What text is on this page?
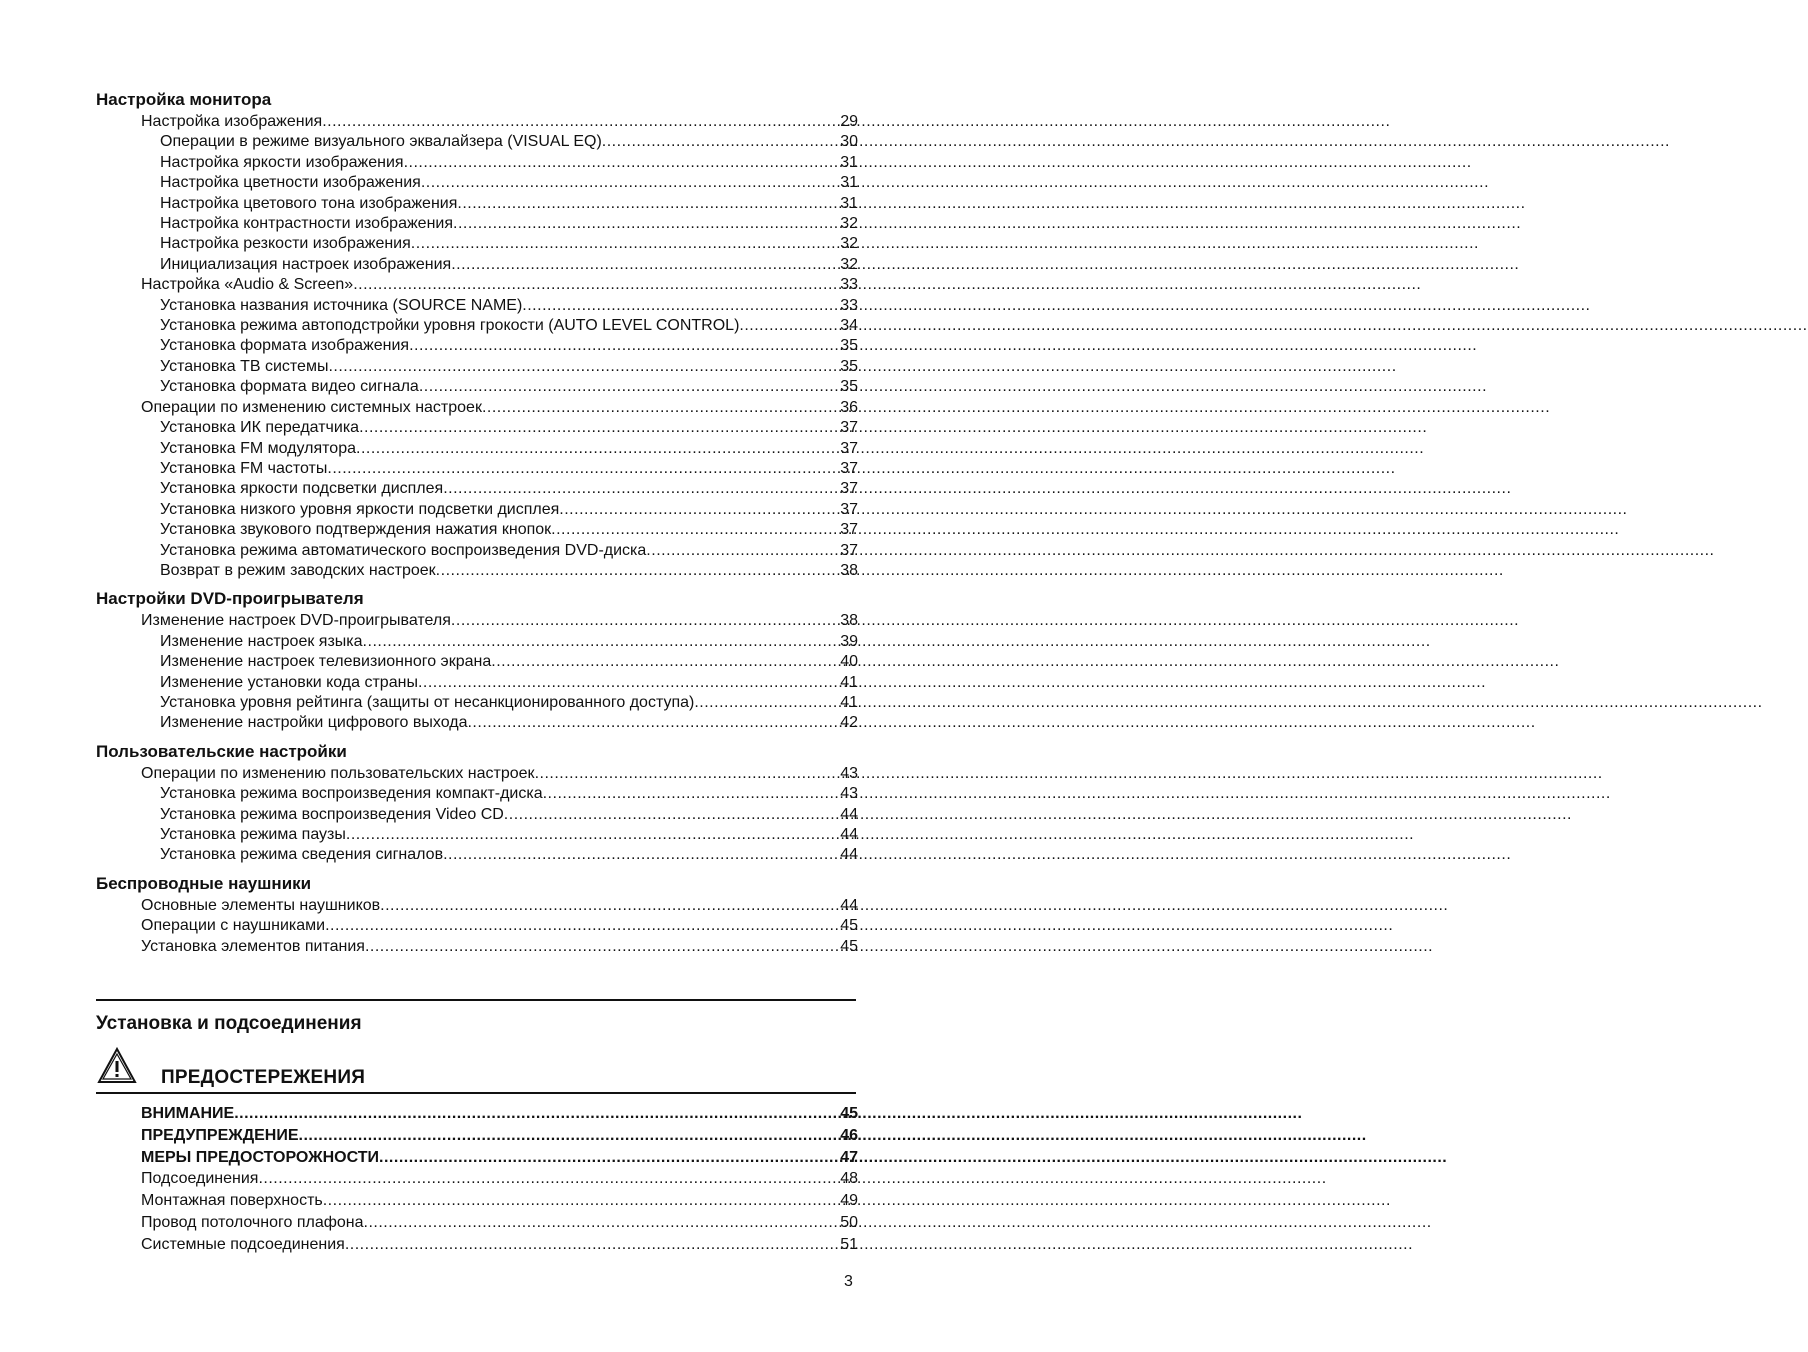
Настройка монитора
Настройка изображения .....	29
Операции в режиме визуального эквалайзера (VISUAL EQ) .....	30
Настройка яркости изображения .....	31
Настройка цветности изображения .....	31
Настройка цветового тона изображения .....	31
Настройка контрастности изображения .....	32
Настройка резкости изображения .....	32
Инициализация настроек изображения .....	32
Настройка «Audio & Screen» .....	33
Установка названия источника (SOURCE NAME) .....	33
Установка режима автоподстройки уровня грокости (AUTO LEVEL CONTROL) .....	34
Установка формата изображения .....	35
Установка ТВ системы .....	35
Установка формата видео сигнала .....	35
Операции по изменению системных настроек .....	36
Установка ИК передатчика .....	37
Установка FM модулятора .....	37
Установка FM частоты .....	37
Установка яркости подсветки дисплея .....	37
Установка низкого уровня яркости подсветки дисплея .....	37
Установка звукового подтверждения нажатия кнопок .....	37
Установка режима автоматического воспроизведения DVD-диска .....	37
Возврат в режим заводских настроек .....	38
Настройки DVD-проигрывателя
Изменение настроек DVD-проигрывателя .....	38
Изменение настроек языка .....	39
Изменение настроек телевизионного экрана .....	40
Изменение установки кода страны .....	41
Установка уровня рейтинга (защиты от несанкционированного доступа) .....	41
Изменение настройки цифрового выхода .....	42
Пользовательские настройки
Операции по изменению пользовательских настроек .....	43
Установка режима воспроизведения компакт-диска .....	43
Установка режима воспроизведения Video CD .....	44
Установка режима паузы .....	44
Установка режима сведения сигналов .....	44
Беспроводные наушники
Основные элементы наушников .....	44
Операции с наушниками .....	45
Установка элементов питания .....	45
Установка и подсоединения
ПРЕДОСТЕРЕЖЕНИЯ
ВНИМАНИЕ .....	45
ПРЕДУПРЕЖДЕНИЕ .....	46
МЕРЫ ПРЕДОСТОРОЖНОСТИ .....	47
Подсоединения .....	48
Монтажная поверхность .....	49
Провод потолочного плафона .....	50
Системные подсоединения .....	51
3
